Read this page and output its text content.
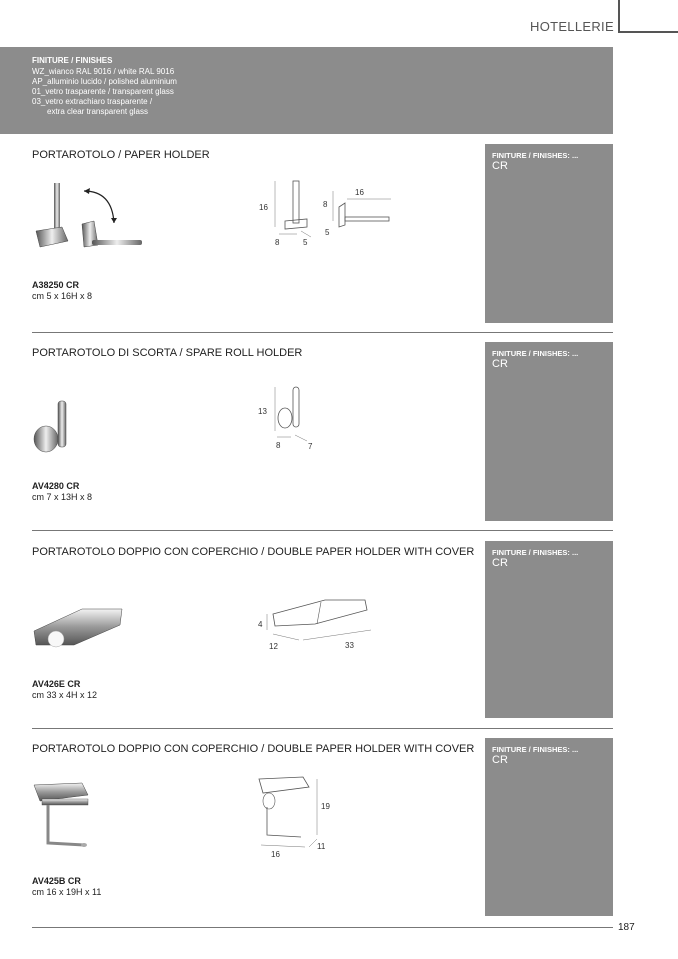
HOTELLERIE
FINITURE / FINISHES
WZ_wianco RAL 9016 / white RAL 9016
AP_alluminio lucido / polished aluminium
01_vetro trasparente / transparent glass
03_vetro extrachiaro trasparente /
extra clear transparent glass
PORTAROTOLO / PAPER HOLDER	FINITURE / FINISHES: ...
CR
16
8	5
8
5
16
A38250 CR
cm 5 x 16H x 8
PORTAROTOLO DI SCORTA / SPARE ROLL HOLDER	FINITURE / FINISHES: ...
CR
13
8	7
AV4280 CR
cm 7 x 13H x 8
PORTAROTOLO DOPPIO CON COPERCHIO / DOUBLE PAPER HOLDER WITH COVER FINITURE / FINISHES: ...
CR
4
12	33
AV426E CR
cm 33 x 4H x 12
PORTAROTOLO DOPPIO CON COPERCHIO / DOUBLE PAPER HOLDER WITH COVER FINITURE / FINISHES: ...
CR
19
16
11
AV425B CR
cm 16 x 19H x 11
187
